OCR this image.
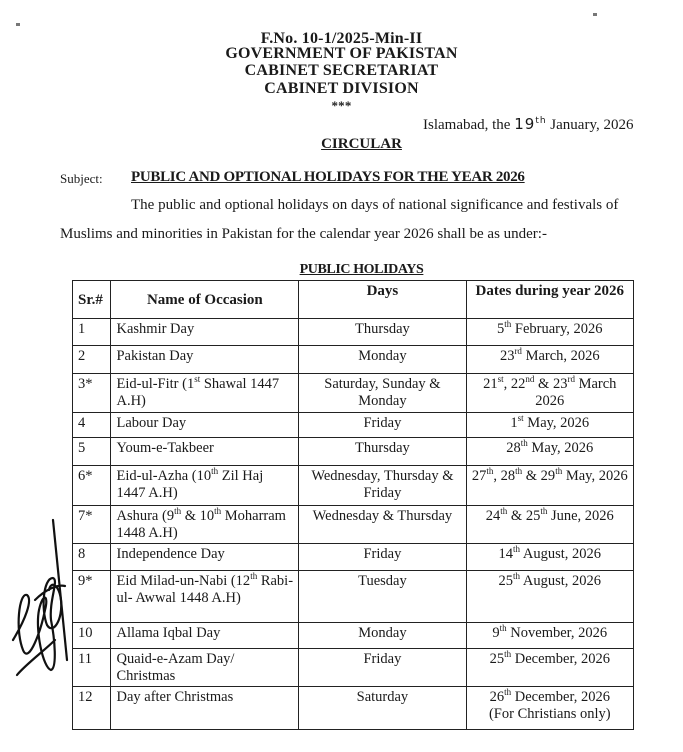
F.No. 10-1/2025-Min-II
GOVERNMENT OF PAKISTAN
CABINET SECRETARIAT
CABINET DIVISION
***
Islamabad, the 19th January, 2026
CIRCULAR
Subject: PUBLIC AND OPTIONAL HOLIDAYS FOR THE YEAR 2026
The public and optional holidays on days of national significance and festivals of
Muslims and minorities in Pakistan for the calendar year 2026 shall be as under:-
PUBLIC HOLIDAYS
Sr.#	Name of Occasion	Days	Dates during year 2026
1	Kashmir Day	Thursday	5th February, 2026
2	Pakistan Day	Monday	23rd March, 2026
3*	Eid-ul-Fitr (1st Shawal 1447 A.H)	Saturday, Sunday & Monday	21st, 22nd & 23rd March 2026
4	Labour Day	Friday	1st May, 2026
5	Youm-e-Takbeer	Thursday	28th May, 2026
6*	Eid-ul-Azha (10th Zil Haj 1447 A.H)	Wednesday, Thursday & Friday	27th, 28th & 29th May, 2026
7*	Ashura (9th & 10th Moharram 1448 A.H)	Wednesday & Thursday	24th & 25th June, 2026
8	Independence Day	Friday	14th August, 2026
9*	Eid Milad-un-Nabi (12th Rabi-ul- Awwal 1448 A.H)	Tuesday	25th August, 2026
10	Allama Iqbal Day	Monday	9th November, 2026
11	Quaid-e-Azam Day/ Christmas	Friday	25th December, 2026
12	Day after Christmas	Saturday	26th December, 2026
(For Christians only)
